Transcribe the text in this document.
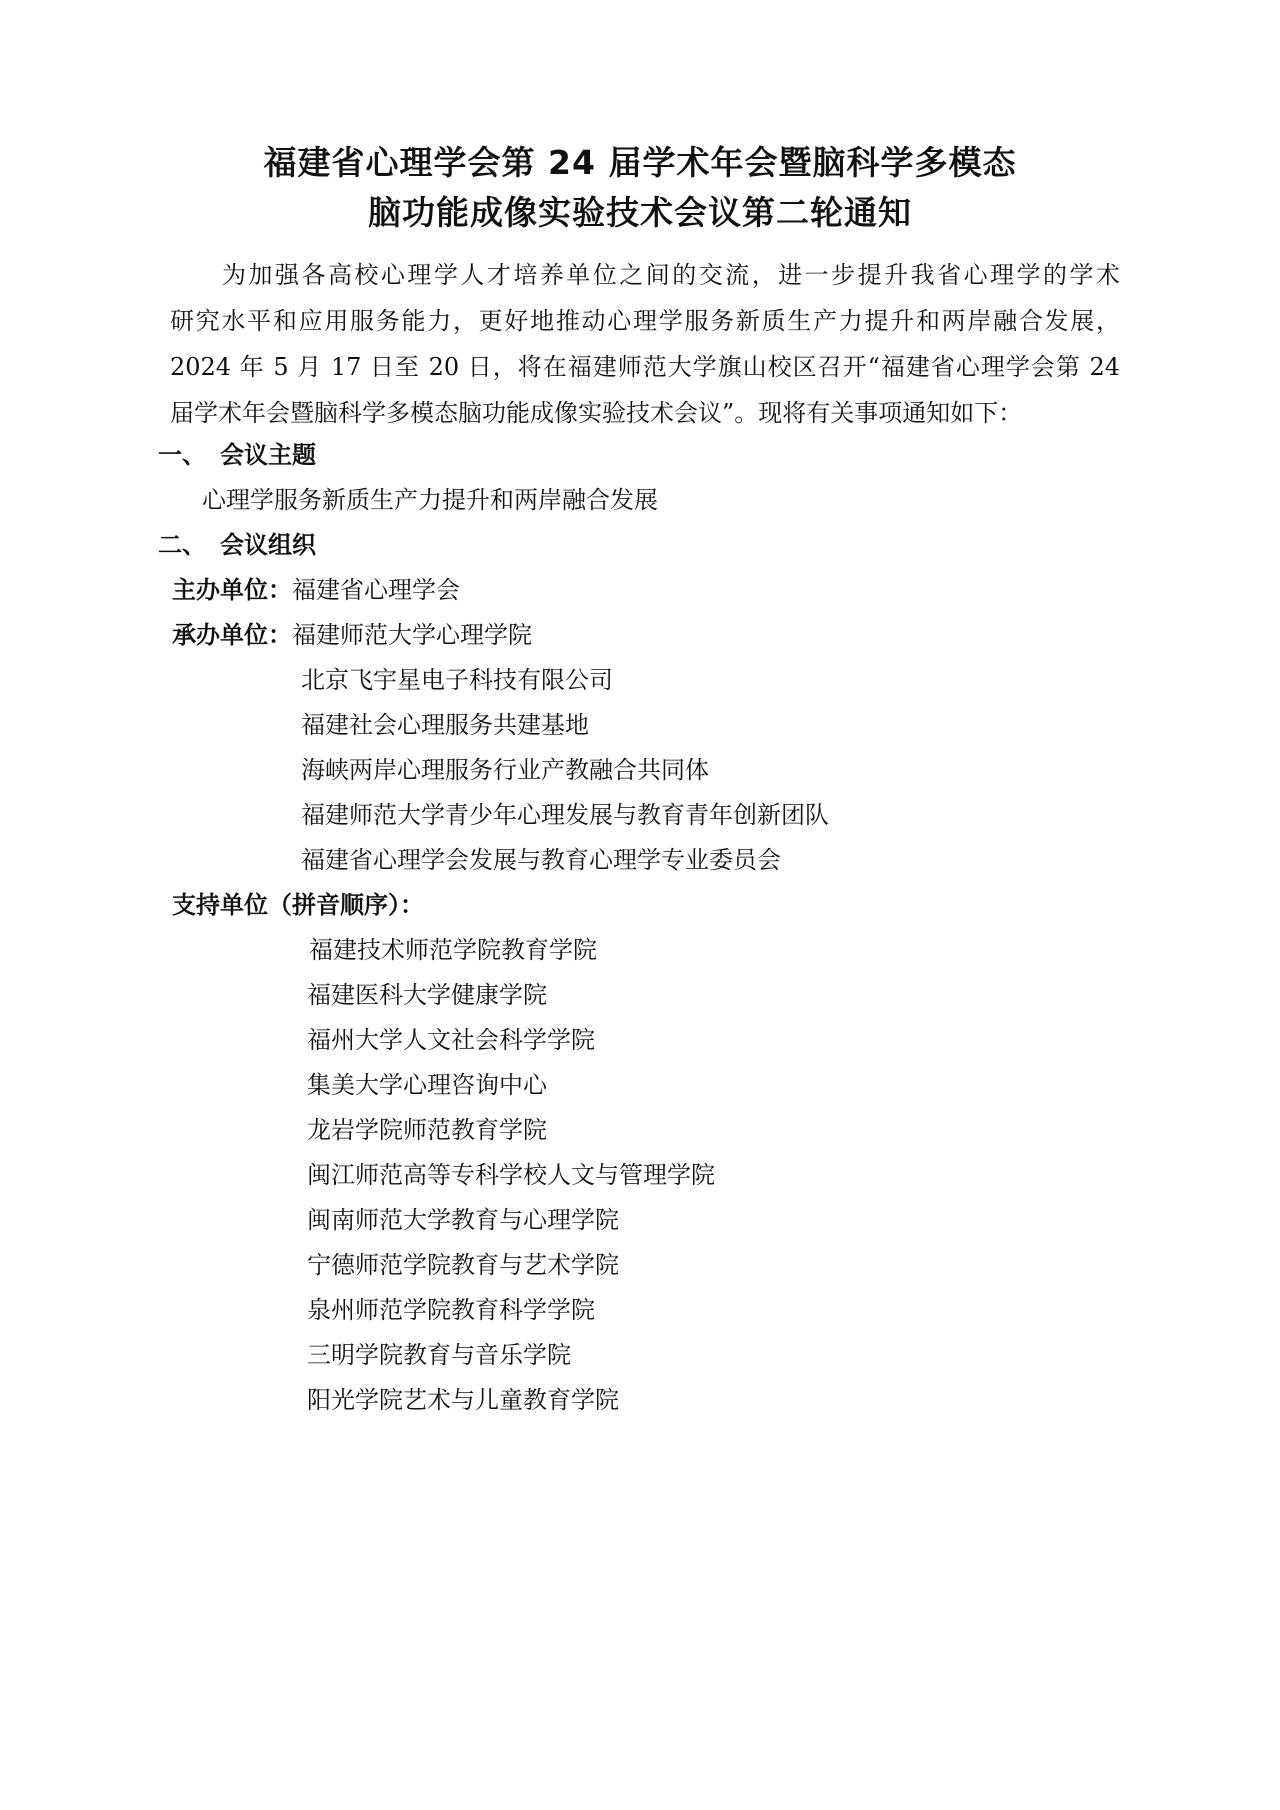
福建省心理学会第 24 届学术年会暨脑科学多模态
脑功能成像实验技术会议第二轮通知
为加强各高校心理学人才培养单位之间的交流，进一步提升我省心理学的学术
研究水平和应用服务能力，更好地推动心理学服务新质生产力提升和两岸融合发展，
2024 年 5 月 17 日至 20 日，将在福建师范大学旗山校区召开“福建省心理学会第 24
届学术年会暨脑科学多模态脑功能成像实验技术会议”。现将有关事项通知如下：
一、 会议主题
心理学服务新质生产力提升和两岸融合发展
二、 会议组织
主办单位：福建省心理学会
承办单位：福建师范大学心理学院
北京飞宇星电子科技有限公司
福建社会心理服务共建基地
海峡两岸心理服务行业产教融合共同体
福建师范大学青少年心理发展与教育青年创新团队
福建省心理学会发展与教育心理学专业委员会
支持单位（拼音顺序）：
福建技术师范学院教育学院
福建医科大学健康学院
福州大学人文社会科学学院
集美大学心理咨询中心
龙岩学院师范教育学院
闽江师范高等专科学校人文与管理学院
闽南师范大学教育与心理学院
宁德师范学院教育与艺术学院
泉州师范学院教育科学学院
三明学院教育与音乐学院
阳光学院艺术与儿童教育学院
